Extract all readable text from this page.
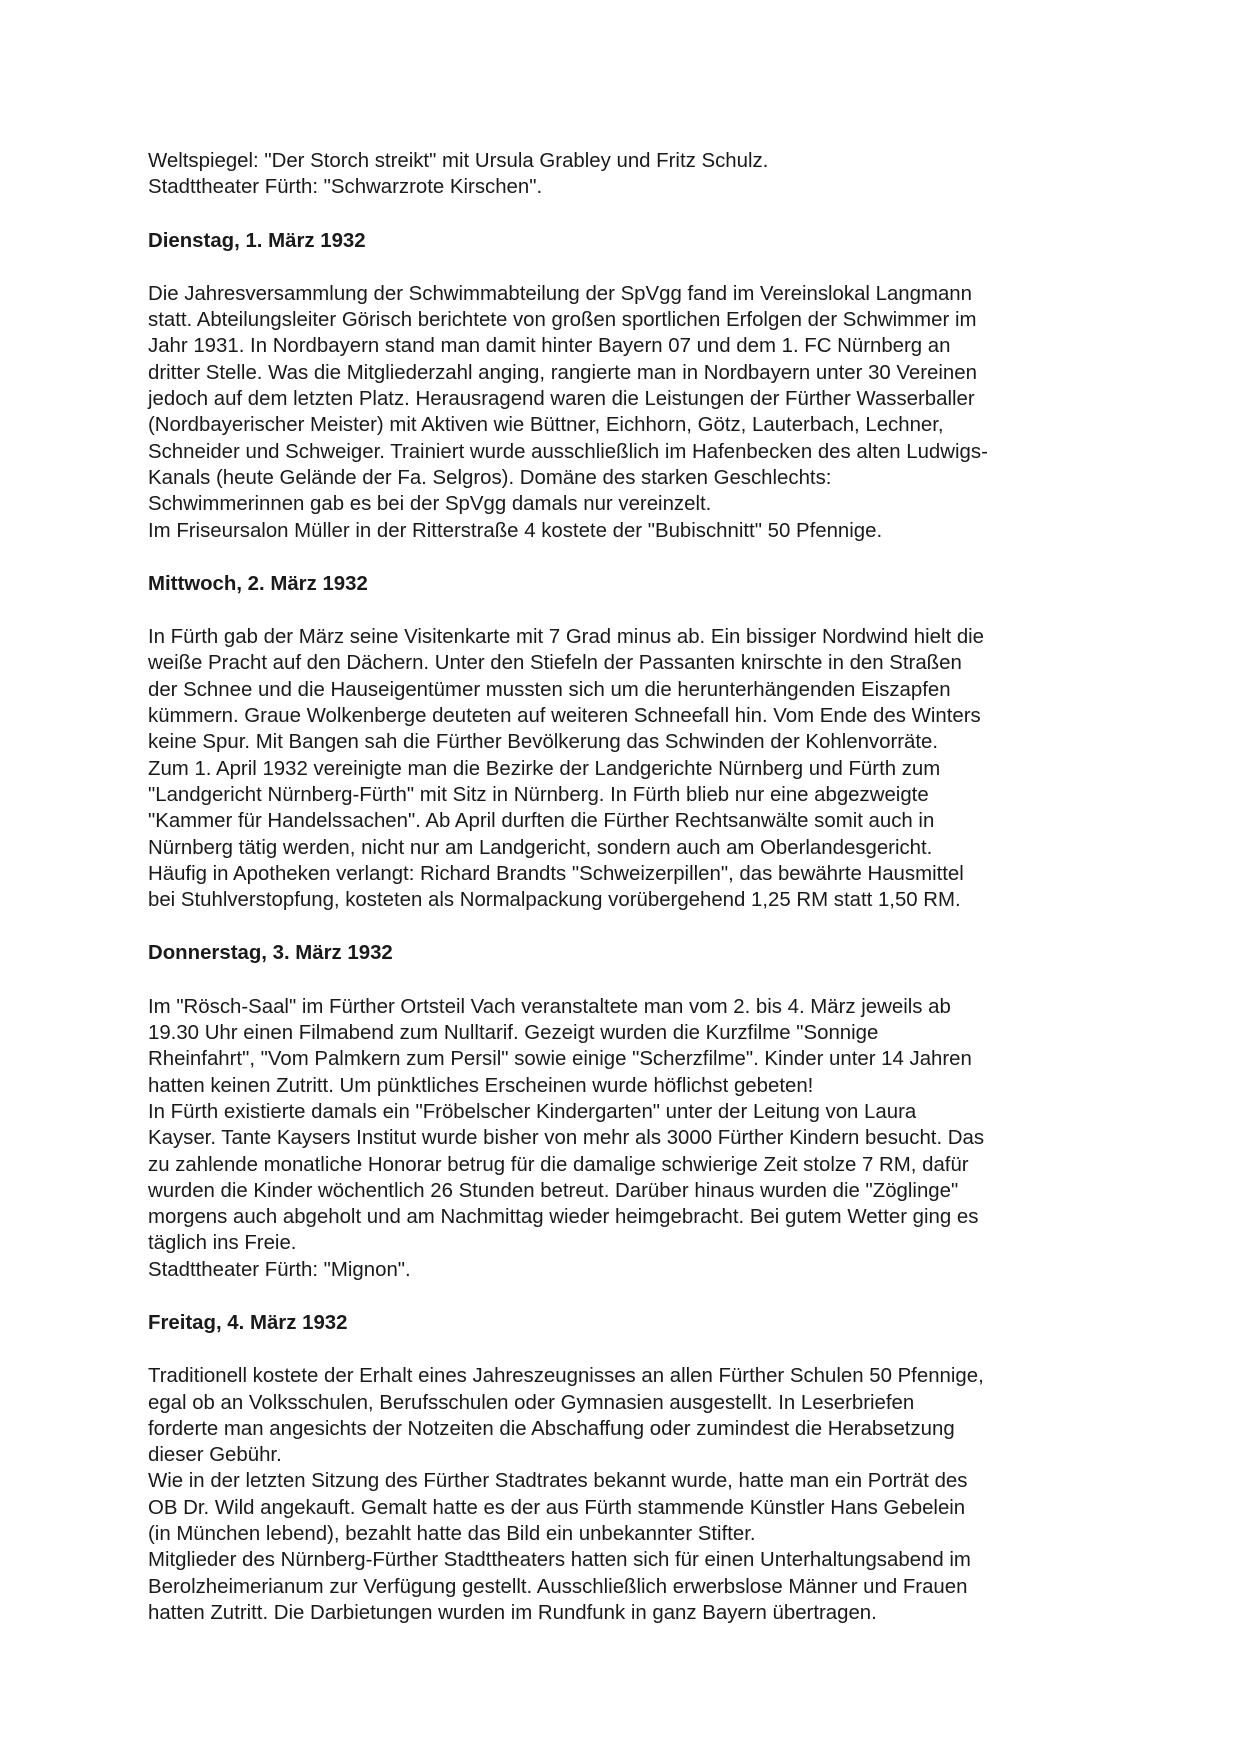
Weltspiegel: "Der Storch streikt" mit Ursula Grabley und Fritz Schulz.
Stadttheater Fürth: "Schwarzrote Kirschen".
Dienstag, 1. März 1932
Die Jahresversammlung der Schwimmabteilung der SpVgg fand im Vereinslokal Langmann
statt. Abteilungsleiter Görisch berichtete von großen sportlichen Erfolgen der Schwimmer im
Jahr 1931. In Nordbayern stand man damit hinter Bayern 07 und dem 1. FC Nürnberg an
dritter Stelle. Was die Mitgliederzahl anging, rangierte man in Nordbayern unter 30 Vereinen
jedoch auf dem letzten Platz. Herausragend waren die Leistungen der Fürther Wasserballer
(Nordbayerischer Meister) mit Aktiven wie Büttner, Eichhorn, Götz, Lauterbach, Lechner,
Schneider und Schweiger. Trainiert wurde ausschließlich im Hafenbecken des alten Ludwigs-
Kanals (heute Gelände der Fa. Selgros). Domäne des starken Geschlechts:
Schwimmerinnen gab es bei der SpVgg damals nur vereinzelt.
Im Friseursalon Müller in der Ritterstraße 4 kostete der "Bubischnitt" 50 Pfennige.
Mittwoch, 2. März 1932
In Fürth gab der März seine Visitenkarte mit 7 Grad minus ab. Ein bissiger Nordwind hielt die
weiße Pracht auf den Dächern. Unter den Stiefeln der Passanten knirschte in den Straßen
der Schnee und die Hauseigentümer mussten sich um die herunterhängenden Eiszapfen
kümmern. Graue Wolkenberge deuteten auf weiteren Schneefall hin. Vom Ende des Winters
keine Spur. Mit Bangen sah die Fürther Bevölkerung das Schwinden der Kohlenvorräte.
Zum 1. April 1932 vereinigte man die Bezirke der Landgerichte Nürnberg und Fürth zum
"Landgericht Nürnberg-Fürth" mit Sitz in Nürnberg. In Fürth blieb nur eine abgezweigte
"Kammer für Handelssachen". Ab April durften die Fürther Rechtsanwälte somit auch in
Nürnberg tätig werden, nicht nur am Landgericht, sondern auch am Oberlandesgericht.
Häufig in Apotheken verlangt: Richard Brandts "Schweizerpillen", das bewährte Hausmittel
bei Stuhlverstopfung, kosteten als Normalpackung vorübergehend 1,25 RM statt 1,50 RM.
Donnerstag, 3. März 1932
Im "Rösch-Saal" im Fürther Ortsteil Vach veranstaltete man vom 2. bis 4. März jeweils ab
19.30 Uhr einen Filmabend zum Nulltarif. Gezeigt wurden die Kurzfilme "Sonnige
Rheinfahrt", "Vom Palmkern zum Persil" sowie einige "Scherzfilme". Kinder unter 14 Jahren
hatten keinen Zutritt. Um pünktliches Erscheinen wurde höflichst gebeten!
In Fürth existierte damals ein "Fröbelscher Kindergarten" unter der Leitung von Laura
Kayser. Tante Kaysers Institut wurde bisher von mehr als 3000 Fürther Kindern besucht. Das
zu zahlende monatliche Honorar betrug für die damalige schwierige Zeit stolze 7 RM, dafür
wurden die Kinder wöchentlich 26 Stunden betreut. Darüber hinaus wurden die "Zöglinge"
morgens auch abgeholt und am Nachmittag wieder heimgebracht. Bei gutem Wetter ging es
täglich ins Freie.
Stadttheater Fürth: "Mignon".
Freitag, 4. März 1932
Traditionell kostete der Erhalt eines Jahreszeugnisses an allen Fürther Schulen 50 Pfennige,
egal ob an Volksschulen, Berufsschulen oder Gymnasien ausgestellt. In Leserbriefen
forderte man angesichts der Notzeiten die Abschaffung oder zumindest die Herabsetzung
dieser Gebühr.
Wie in der letzten Sitzung des Fürther Stadtrates bekannt wurde, hatte man ein Porträt des
OB Dr. Wild angekauft. Gemalt hatte es der aus Fürth stammende Künstler Hans Gebelein
(in München lebend), bezahlt hatte das Bild ein unbekannter Stifter.
Mitglieder des Nürnberg-Fürther Stadttheaters hatten sich für einen Unterhaltungsabend im
Berolzheimerianum zur Verfügung gestellt. Ausschließlich erwerbslose Männer und Frauen
hatten Zutritt. Die Darbietungen wurden im Rundfunk in ganz Bayern übertragen.
